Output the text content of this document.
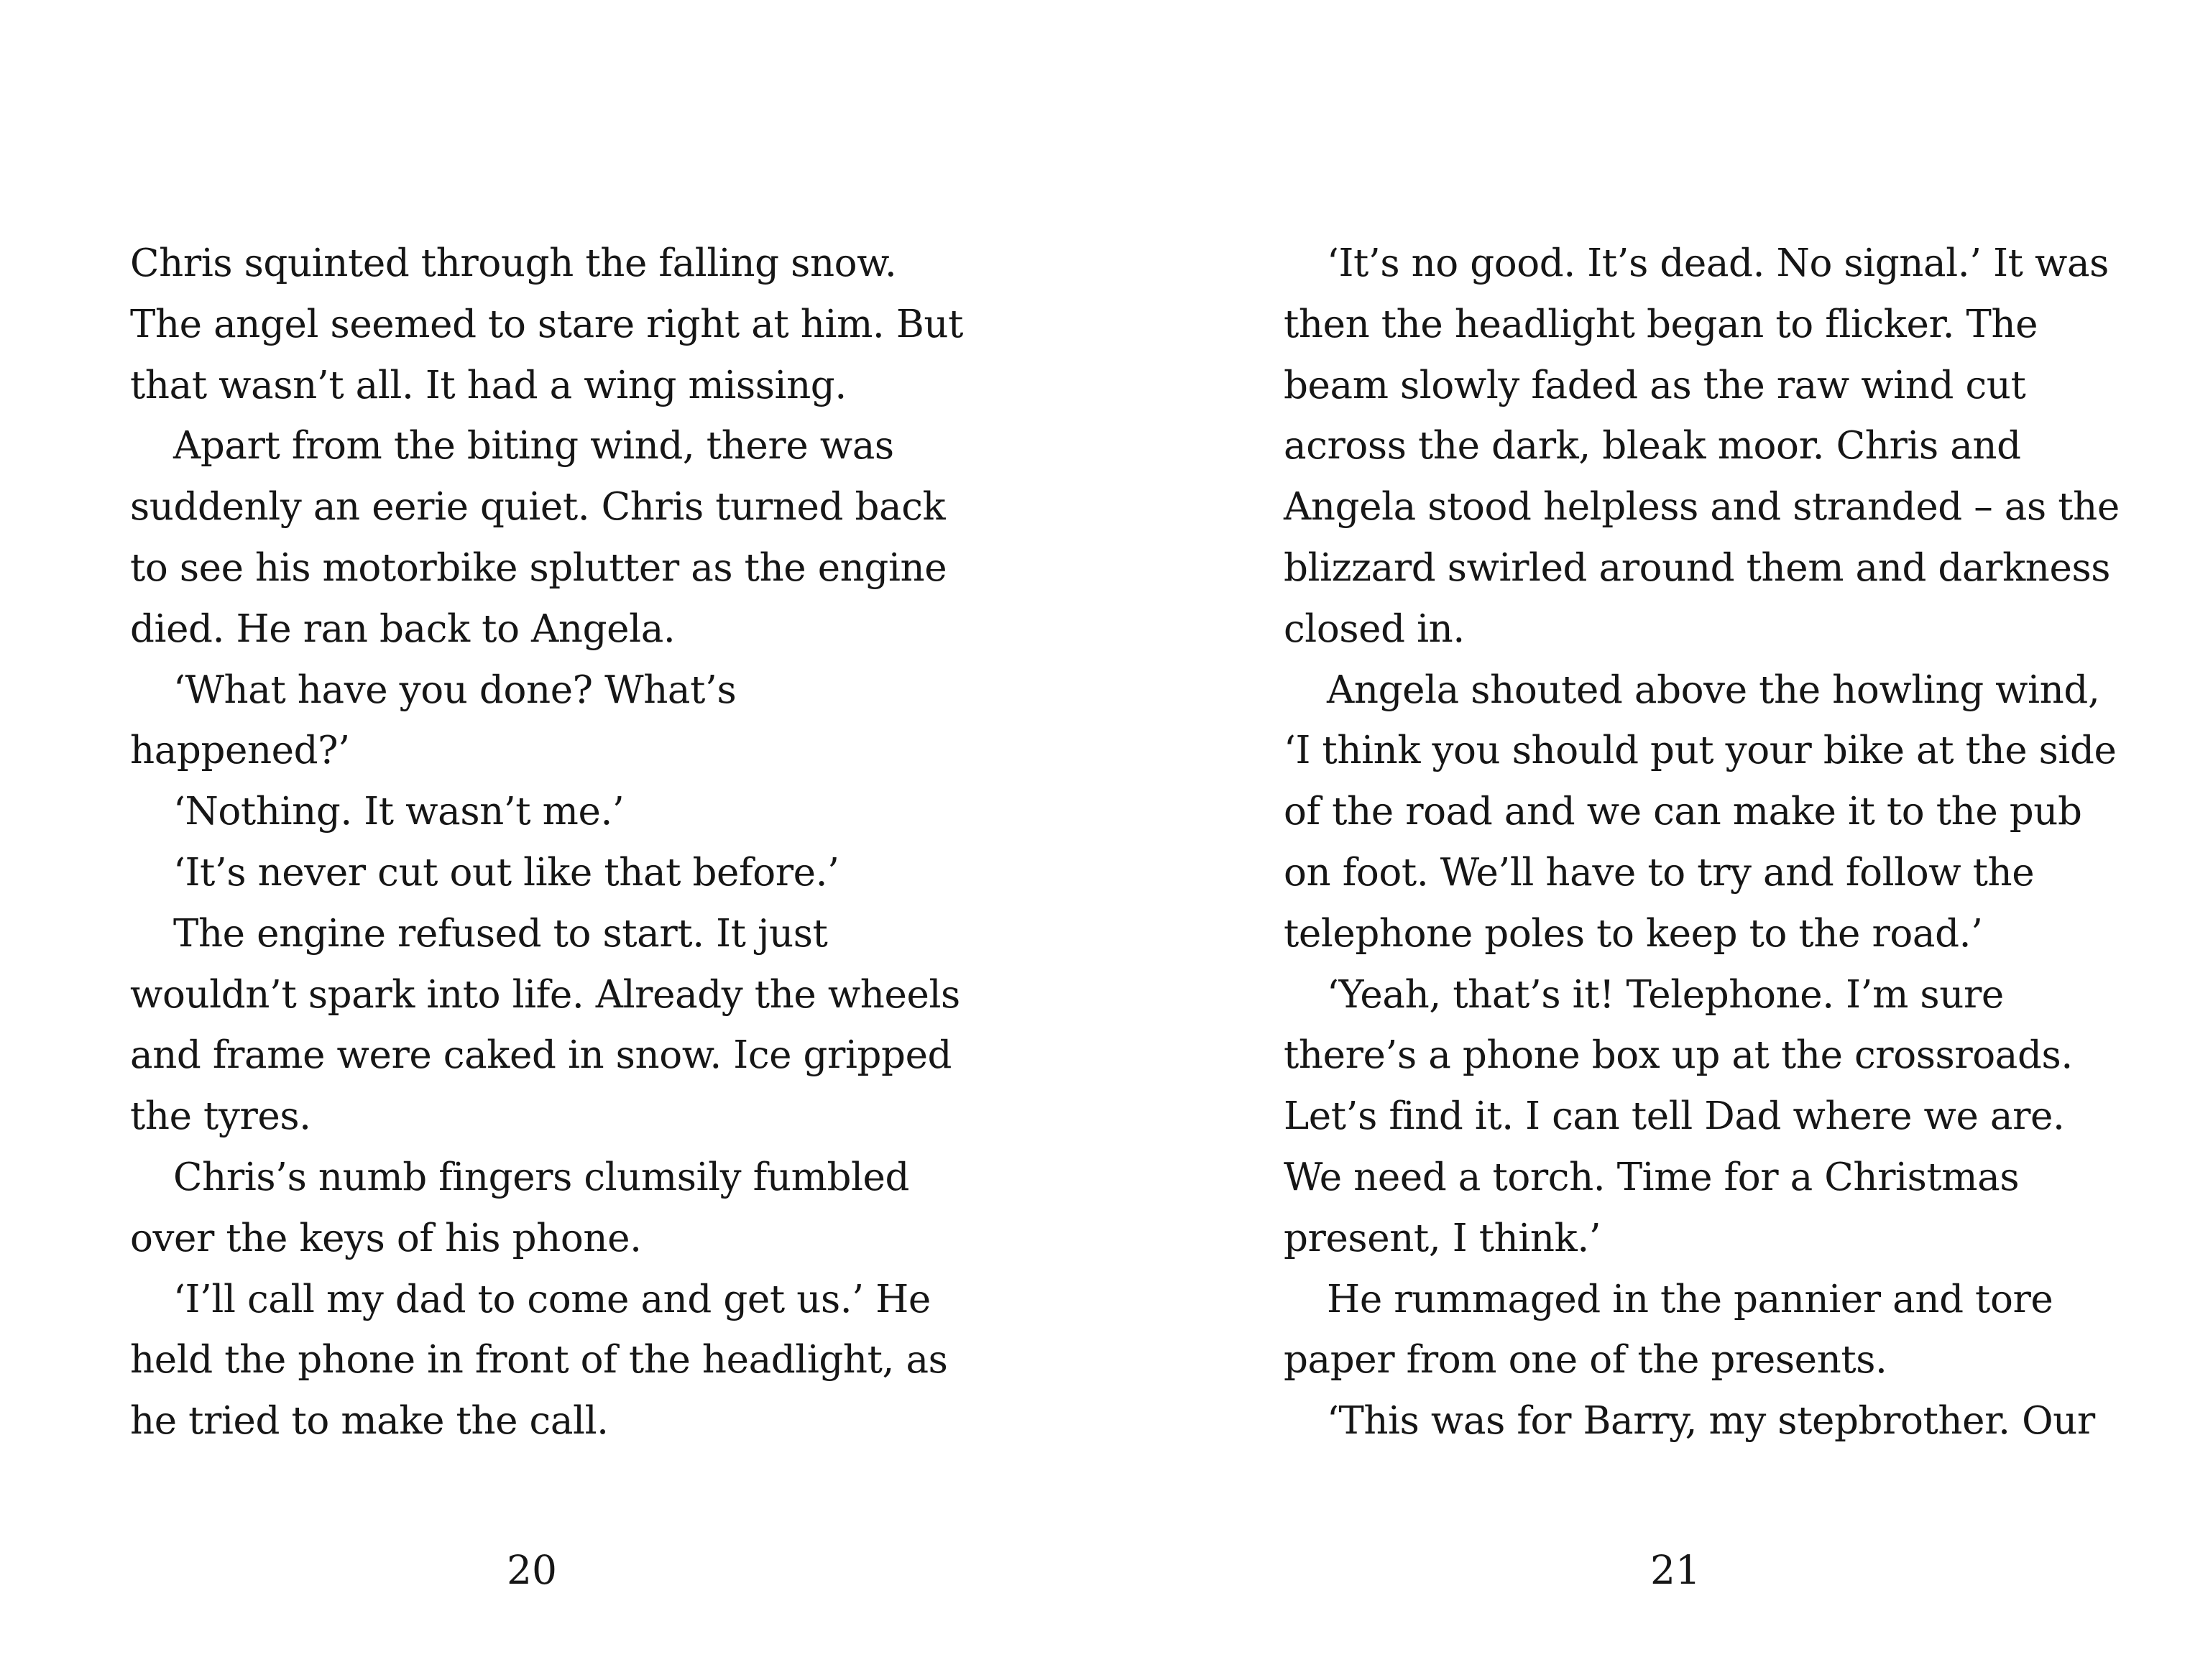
Chris squinted through the falling snow.
The angel seemed to stare right at him. But
that wasn’t all. It had a wing missing.
Apart from the biting wind, there was
suddenly an eerie quiet. Chris turned back
to see his motorbike splutter as the engine
died. He ran back to Angela.
‘What have you done? What’s
happened?’
‘Nothing. It wasn’t me.’
‘It’s never cut out like that before.’
The engine refused to start. It just
wouldn’t spark into life. Already the wheels
and frame were caked in snow. Ice gripped
the tyres.
Chris’s numb fingers clumsily fumbled
over the keys of his phone.
‘I’ll call my dad to come and get us.’ He
held the phone in front of the headlight, as
he tried to make the call.
20
‘It’s no good. It’s dead. No signal.’ It was
then the headlight began to flicker. The
beam slowly faded as the raw wind cut
across the dark, bleak moor. Chris and
Angela stood helpless and stranded – as the
blizzard swirled around them and darkness
closed in.
Angela shouted above the howling wind,
‘I think you should put your bike at the side
of the road and we can make it to the pub
on foot. We’ll have to try and follow the
telephone poles to keep to the road.’
‘Yeah, that’s it! Telephone. I’m sure
there’s a phone box up at the crossroads.
Let’s find it. I can tell Dad where we are.
We need a torch. Time for a Christmas
present, I think.’
He rummaged in the pannier and tore
paper from one of the presents.
‘This was for Barry, my stepbrother. Our
21
